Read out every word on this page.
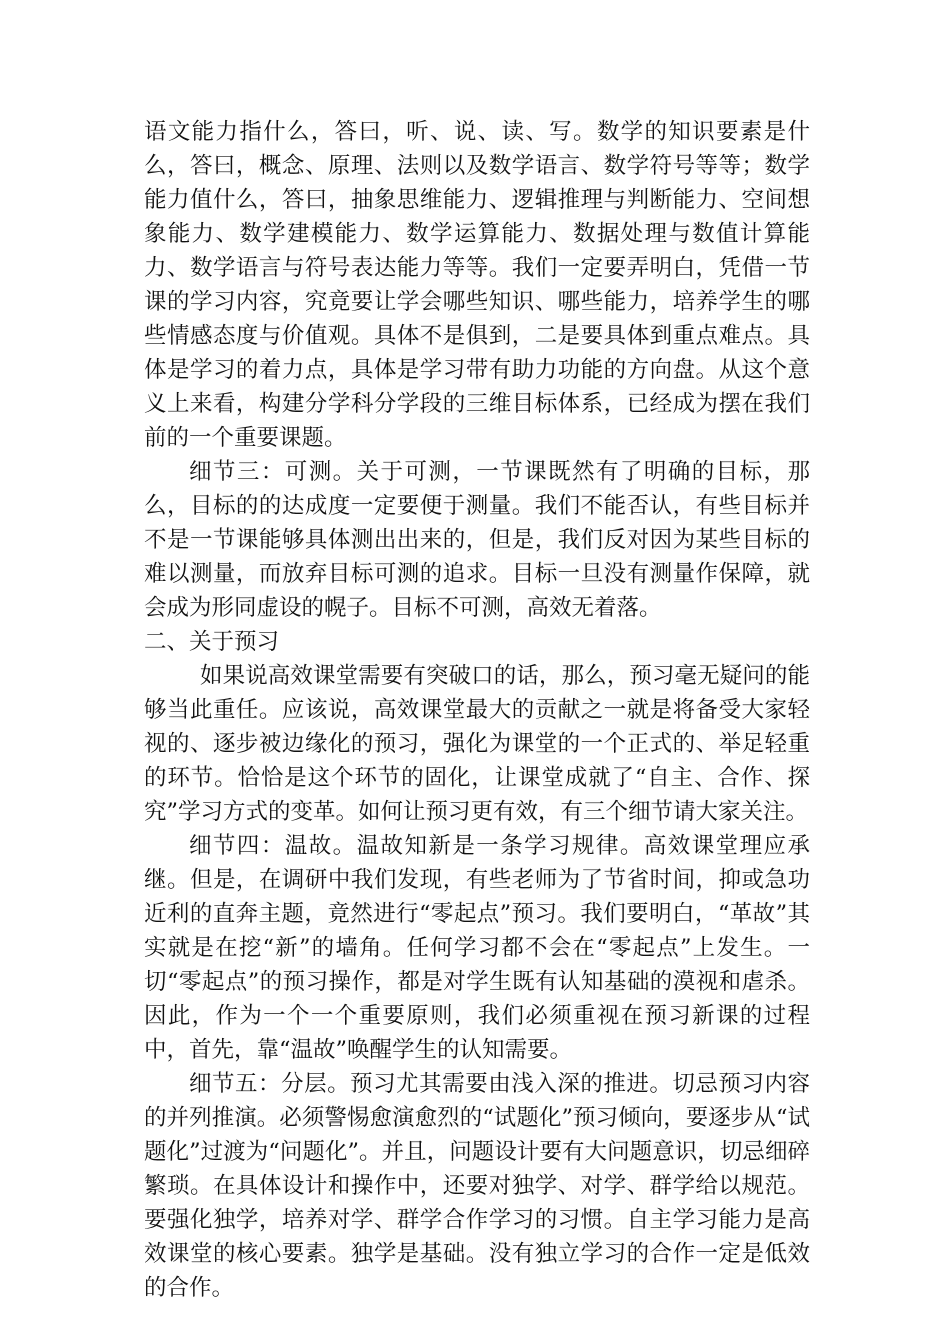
语文能力指什么，答曰，听、说、读、写。数学的知识要素是什么，答曰，概念、原理、法则以及数学语言、数学符号等等；数学能力值什么，答曰，抽象思维能力、逻辑推理与判断能力、空间想象能力、数学建模能力、数学运算能力、数据处理与数值计算能力、数学语言与符号表达能力等等。我们一定要弄明白，凭借一节课的学习内容，究竟要让学会哪些知识、哪些能力，培养学生的哪些情感态度与价值观。具体不是俱到，二是要具体到重点难点。具体是学习的着力点，具体是学习带有助力功能的方向盘。从这个意义上来看，构建分学科分学段的三维目标体系，已经成为摆在我们前的一个重要课题。

细节三：可测。关于可测，一节课既然有了明确的目标，那么，目标的的达成度一定要便于测量。我们不能否认，有些目标并不是一节课能够具体测出出来的，但是，我们反对因为某些目标的难以测量，而放弃目标可测的追求。目标一旦没有测量作保障，就会成为形同虚设的幌子。目标不可测，高效无着落。

二、关于预习

如果说高效课堂需要有突破口的话，那么，预习毫无疑问的能够当此重任。应该说，高效课堂最大的贡献之一就是将备受大家轻视的、逐步被边缘化的预习，强化为课堂的一个正式的、举足轻重的环节。恰恰是这个环节的固化，让课堂成就了“自主、合作、探究”学习方式的变革。如何让预习更有效，有三个细节请大家关注。

细节四：温故。温故知新是一条学习规律。高效课堂理应承继。但是，在调研中我们发现，有些老师为了节省时间，抑或急功近利的直奔主题，竟然进行“零起点”预习。我们要明白，“革故”其实就是在挖“新”的墙角。任何学习都不会在“零起点”上发生。一切“零起点”的预习操作，都是对学生既有认知基础的漠视和虐杀。因此，作为一个一个重要原则，我们必须重视在预习新课的过程中，首先，靠“温故”唤醒学生的认知需要。

细节五：分层。预习尤其需要由浅入深的推进。切忌预习内容的并列推演。必须警惕愈演愈烈的“试题化”预习倾向，要逐步从“试题化”过渡为“问题化”。并且，问题设计要有大问题意识，切忌细碎繁琐。在具体设计和操作中，还要对独学、对学、群学给以规范。要强化独学，培养对学、群学合作学习的习惯。自主学习能力是高效课堂的核心要素。独学是基础。没有独立学习的合作一定是低效的合作。
